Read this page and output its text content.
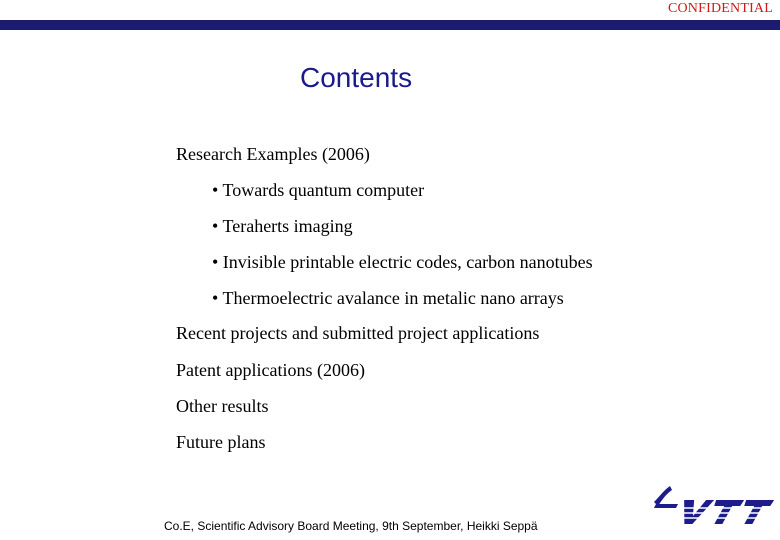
CONFIDENTIAL
Contents
Research Examples (2006)
• Towards quantum computer
• Teraherts imaging
• Invisible printable electric codes, carbon nanotubes
• Thermoelectric avalance in metalic nano arrays
Recent projects and submitted project applications
Patent applications (2006)
Other results
Future plans
Co.E, Scientific Advisory Board Meeting, 9th September, Heikki Seppä
